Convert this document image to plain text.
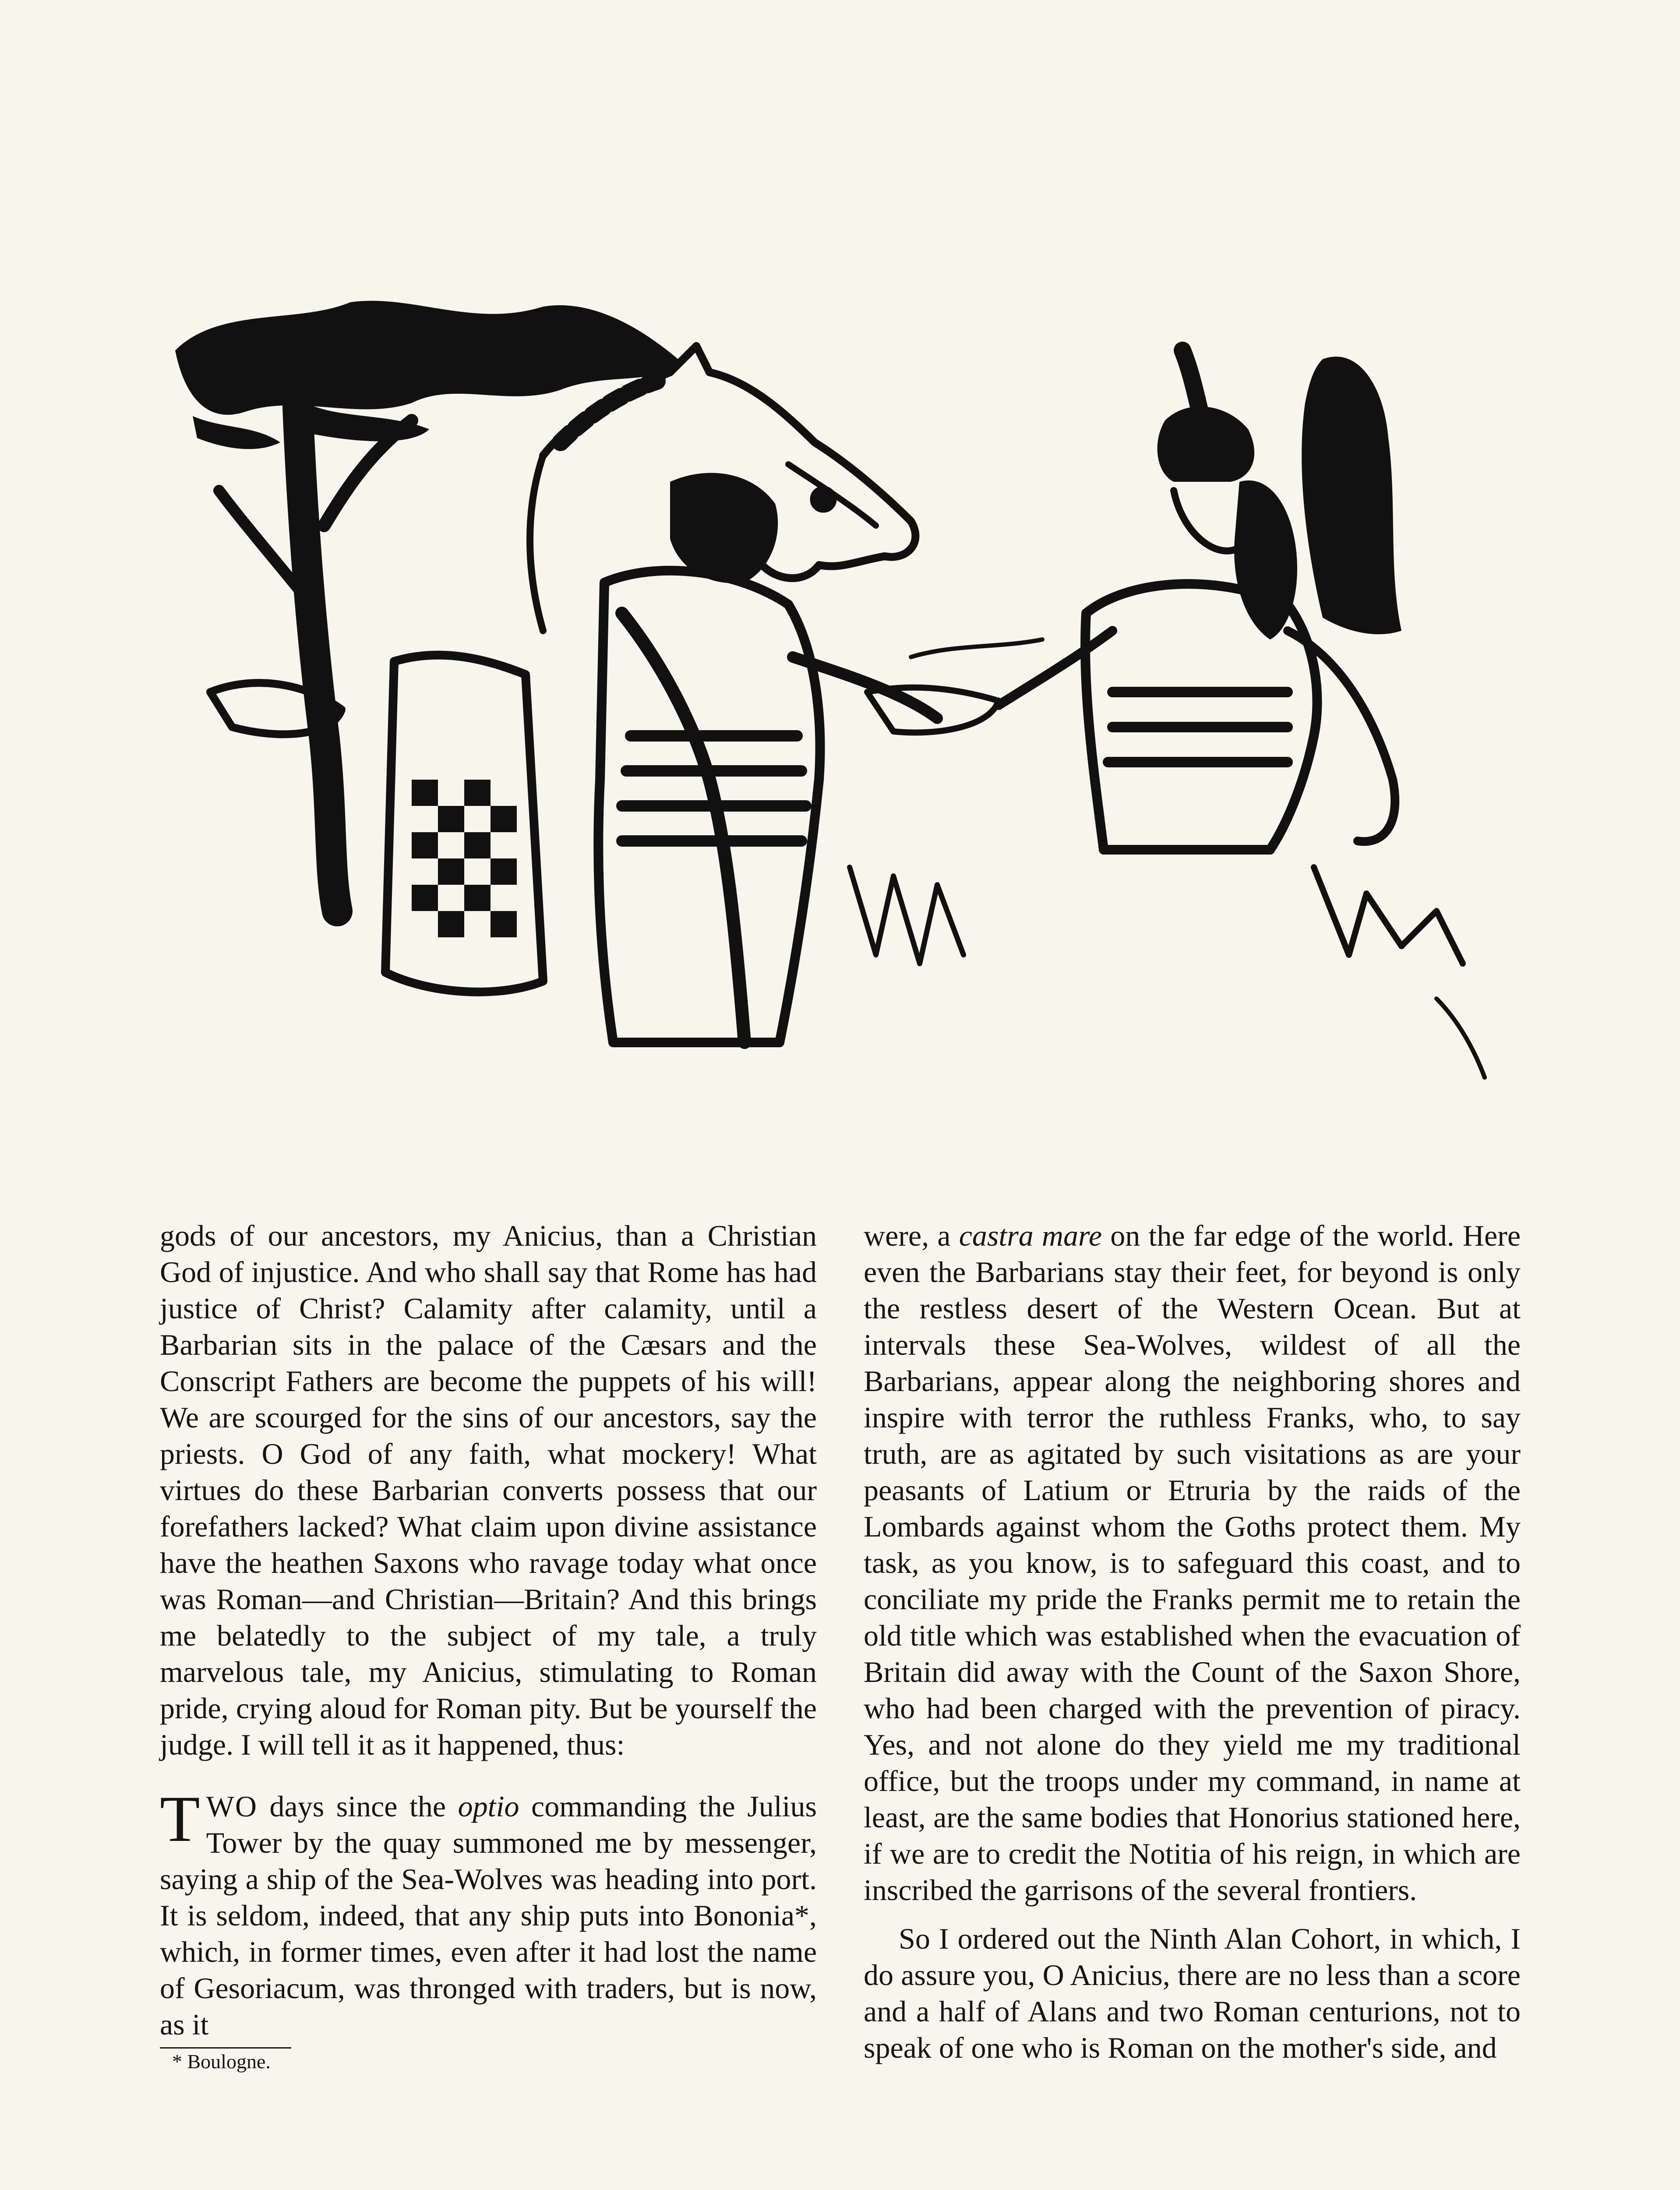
gods of our ancestors, my Anicius, than a Christian God of injustice. And who shall say that Rome has had justice of Christ? Calamity after calamity, until a Barbarian sits in the palace of the Cæsars and the Conscript Fathers are become the puppets of his will! We are scourged for the sins of our ancestors, say the priests. O God of any faith, what mockery! What virtues do these Barbarian converts possess that our forefathers lacked? What claim upon divine assistance have the heathen Saxons who ravage today what once was Roman—and Christian—Britain? And this brings me belatedly to the subject of my tale, a truly marvelous tale, my Anicius, stimulating to Roman pride, crying aloud for Roman pity. But be yourself the judge. I will tell it as it happened, thus:

TWO days since the optio commanding the Julius Tower by the quay summoned me by messenger, saying a ship of the Sea-Wolves was heading into port. It is seldom, indeed, that any ship puts into Bononia*, which, in former times, even after it had lost the name of Gesoriacum, was thronged with traders, but is now, as it

* Boulogne.

were, a castra mare on the far edge of the world. Here even the Barbarians stay their feet, for beyond is only the restless desert of the Western Ocean. But at intervals these Sea-Wolves, wildest of all the Barbarians, appear along the neighboring shores and inspire with terror the ruthless Franks, who, to say truth, are as agitated by such visitations as are your peasants of Latium or Etruria by the raids of the Lombards against whom the Goths protect them. My task, as you know, is to safeguard this coast, and to conciliate my pride the Franks permit me to retain the old title which was established when the evacuation of Britain did away with the Count of the Saxon Shore, who had been charged with the prevention of piracy. Yes, and not alone do they yield me my traditional office, but the troops under my command, in name at least, are the same bodies that Honorius stationed here, if we are to credit the Notitia of his reign, in which are inscribed the garrisons of the several frontiers.

So I ordered out the Ninth Alan Cohort, in which, I do assure you, O Anicius, there are no less than a score and a half of Alans and two Roman centurions, not to speak of one who is Roman on the mother's side, and
